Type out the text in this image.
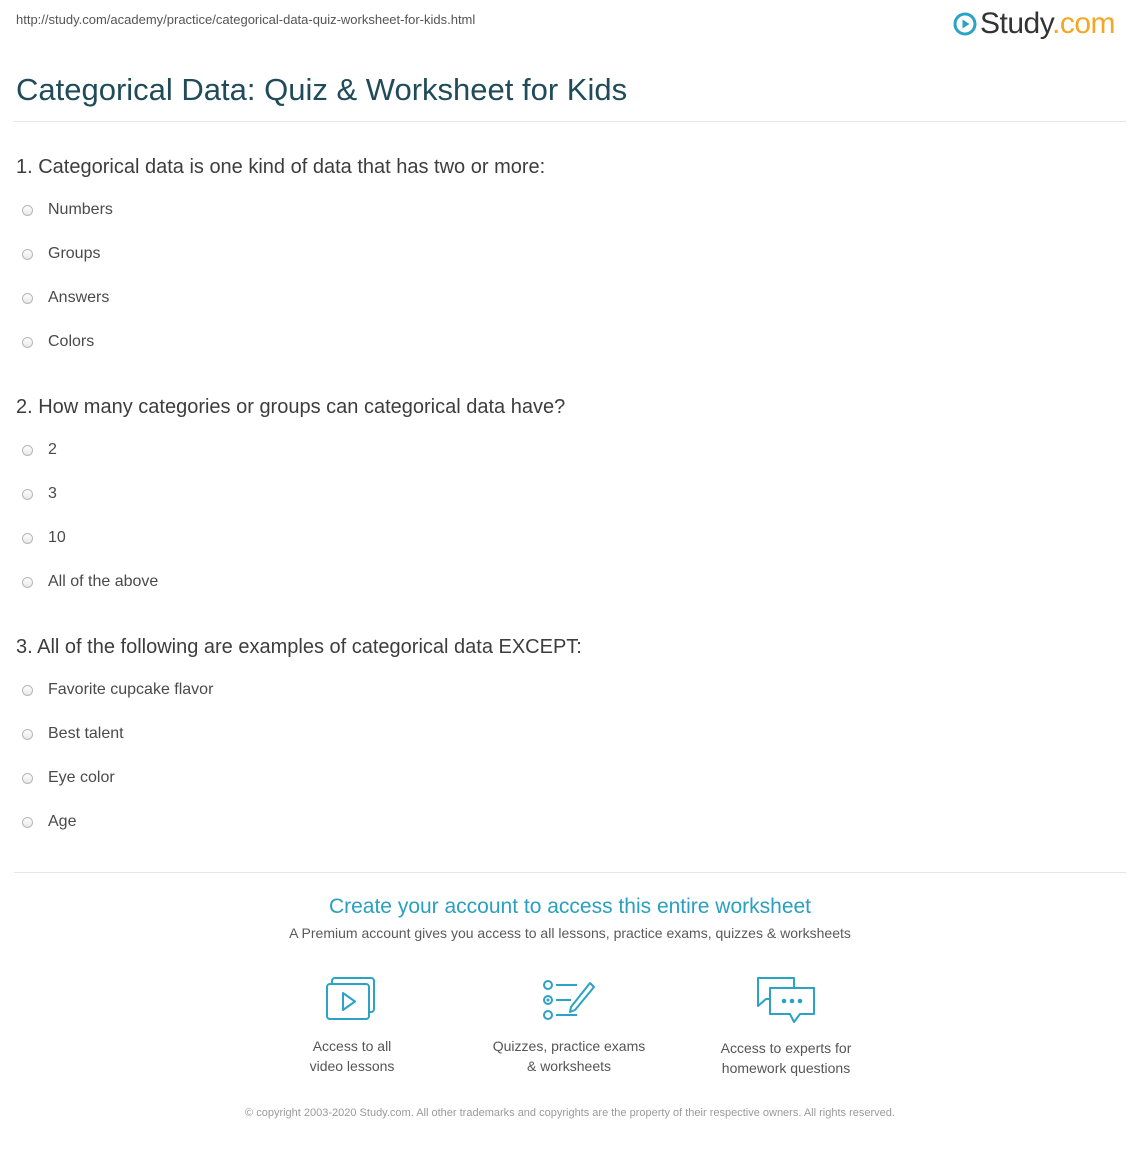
http://study.com/academy/practice/categorical-data-quiz-worksheet-for-kids.html	Study.com
Categorical Data: Quiz & Worksheet for Kids
1. Categorical data is one kind of data that has two or more:
Numbers
Groups
Answers
Colors
2. How many categories or groups can categorical data have?
2
3
10
All of the above
3. All of the following are examples of categorical data EXCEPT:
Favorite cupcake flavor
Best talent
Eye color
Age
Create your account to access this entire worksheet
A Premium account gives you access to all lessons, practice exams, quizzes & worksheets
Access to all
video lessons
Quizzes, practice exams
& worksheets
Access to experts for
homework questions
© copyright 2003-2020 Study.com. All other trademarks and copyrights are the property of their respective owners. All rights reserved.
